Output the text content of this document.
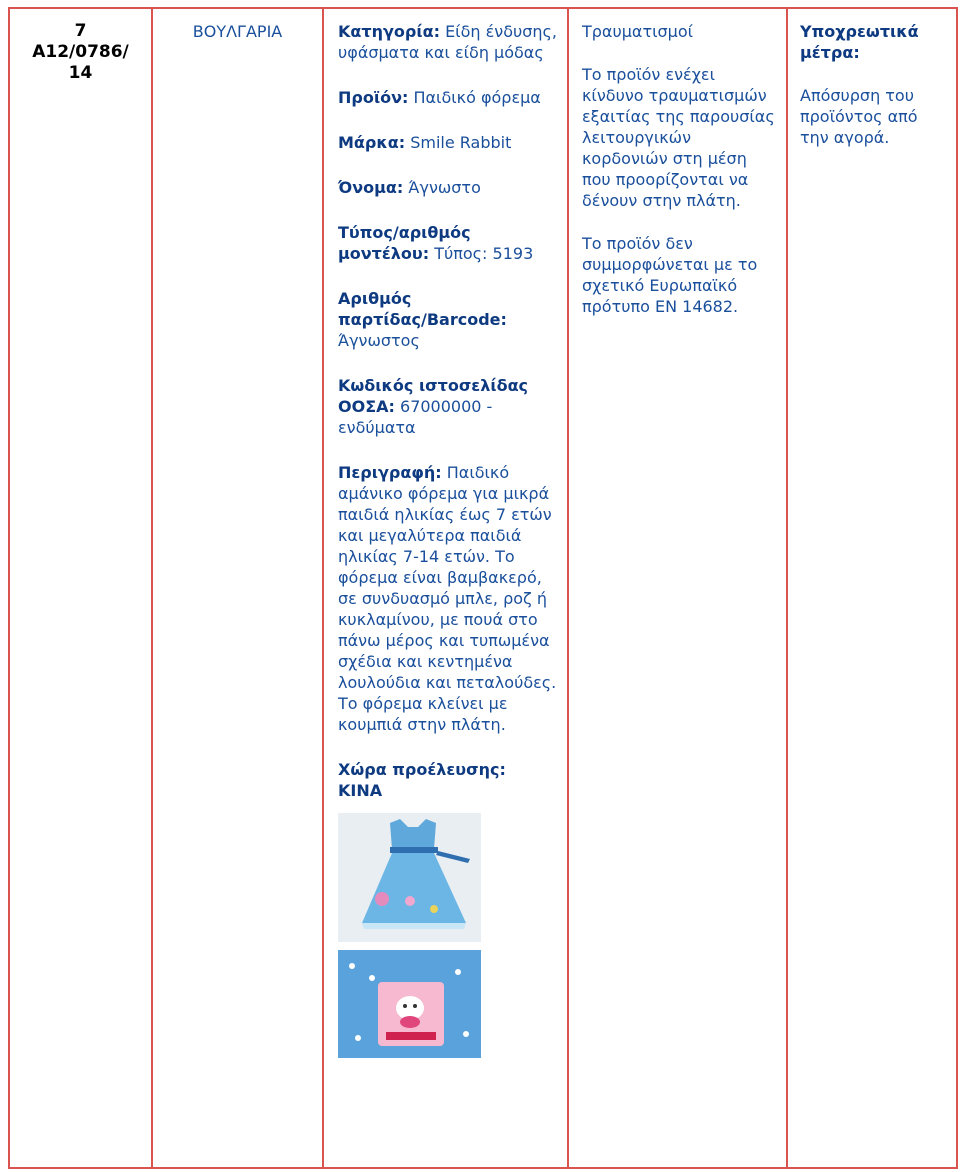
7
A12/0786/
14
ΒΟΥΛΓΑΡΙΑ	Κατηγορία: Είδη ένδυσης, υφάσματα και είδη μόδας

Προϊόν: Παιδικό φόρεμα

Μάρκα: Smile Rabbit

Όνομα: Άγνωστο

Τύπος/αριθμός μοντέλου: Τύπος: 5193

Αριθμός παρτίδας/Barcode: Άγνωστος

Κωδικός ιστοσελίδας ΟΟΣΑ: 67000000 - ενδύματα

Περιγραφή: Παιδικό αμάνικο φόρεμα για μικρά παιδιά ηλικίας έως 7 ετών και μεγαλύτερα παιδιά ηλικίας 7-14 ετών. Το φόρεμα είναι βαμβακερό, σε συνδυασμό μπλε, ροζ ή κυκλαμίνου, με πουά στο πάνω μέρος και τυπωμένα σχέδια και κεντημένα λουλούδια και πεταλούδες. Το φόρεμα κλείνει με κουμπιά στην πλάτη.

Χώρα προέλευσης:
ΚΙΝΑ

Τραυματισμοί

Το προϊόν ενέχει κίνδυνο τραυματισμών εξαιτίας της παρουσίας λειτουργικών κορδονιών στη μέση που προορίζονται να δένουν στην πλάτη.

Το προϊόν δεν συμμορφώνεται με το σχετικό Ευρωπαϊκό πρότυπο EN 14682.

Υποχρεωτικά μέτρα:
Απόσυρση του προϊόντος από την αγορά.
